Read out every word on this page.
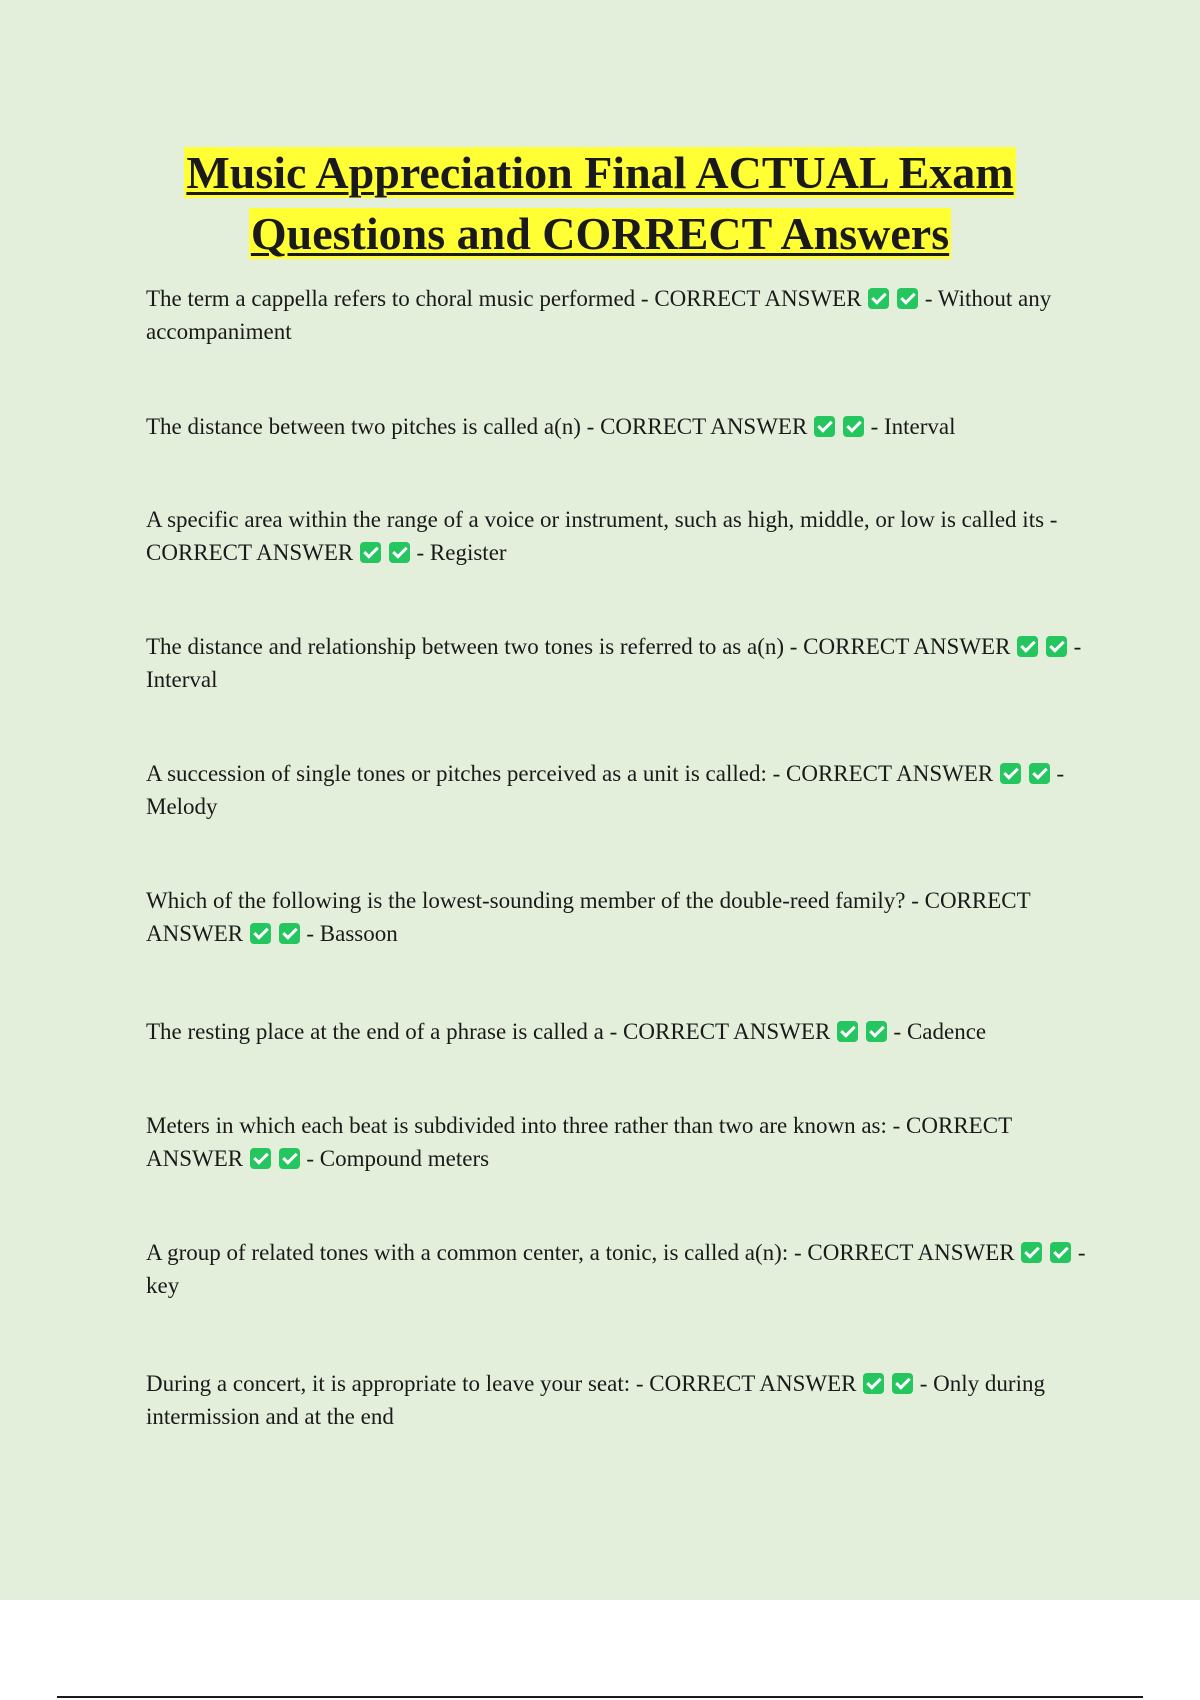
Music Appreciation Final ACTUAL Exam
Questions and CORRECT Answers

The term a cappella refers to choral music performed - CORRECT ANSWER	- Without any accompaniment

The distance between two pitches is called a(n) - CORRECT ANSWER	- Interval

A specific area within the range of a voice or instrument, such as high, middle, or low is called its - CORRECT ANSWER	- Register

The distance and relationship between two tones is referred to as a(n) - CORRECT ANSWER	- Interval

A succession of single tones or pitches perceived as a unit is called: - CORRECT ANSWER	- Melody

Which of the following is the lowest-sounding member of the double-reed family? - CORRECT ANSWER	- Bassoon

The resting place at the end of a phrase is called a - CORRECT ANSWER	- Cadence

Meters in which each beat is subdivided into three rather than two are known as: - CORRECT ANSWER	- Compound meters

A group of related tones with a common center, a tonic, is called a(n): - CORRECT ANSWER	- key

During a concert, it is appropriate to leave your seat: - CORRECT ANSWER	- Only during intermission and at the end
